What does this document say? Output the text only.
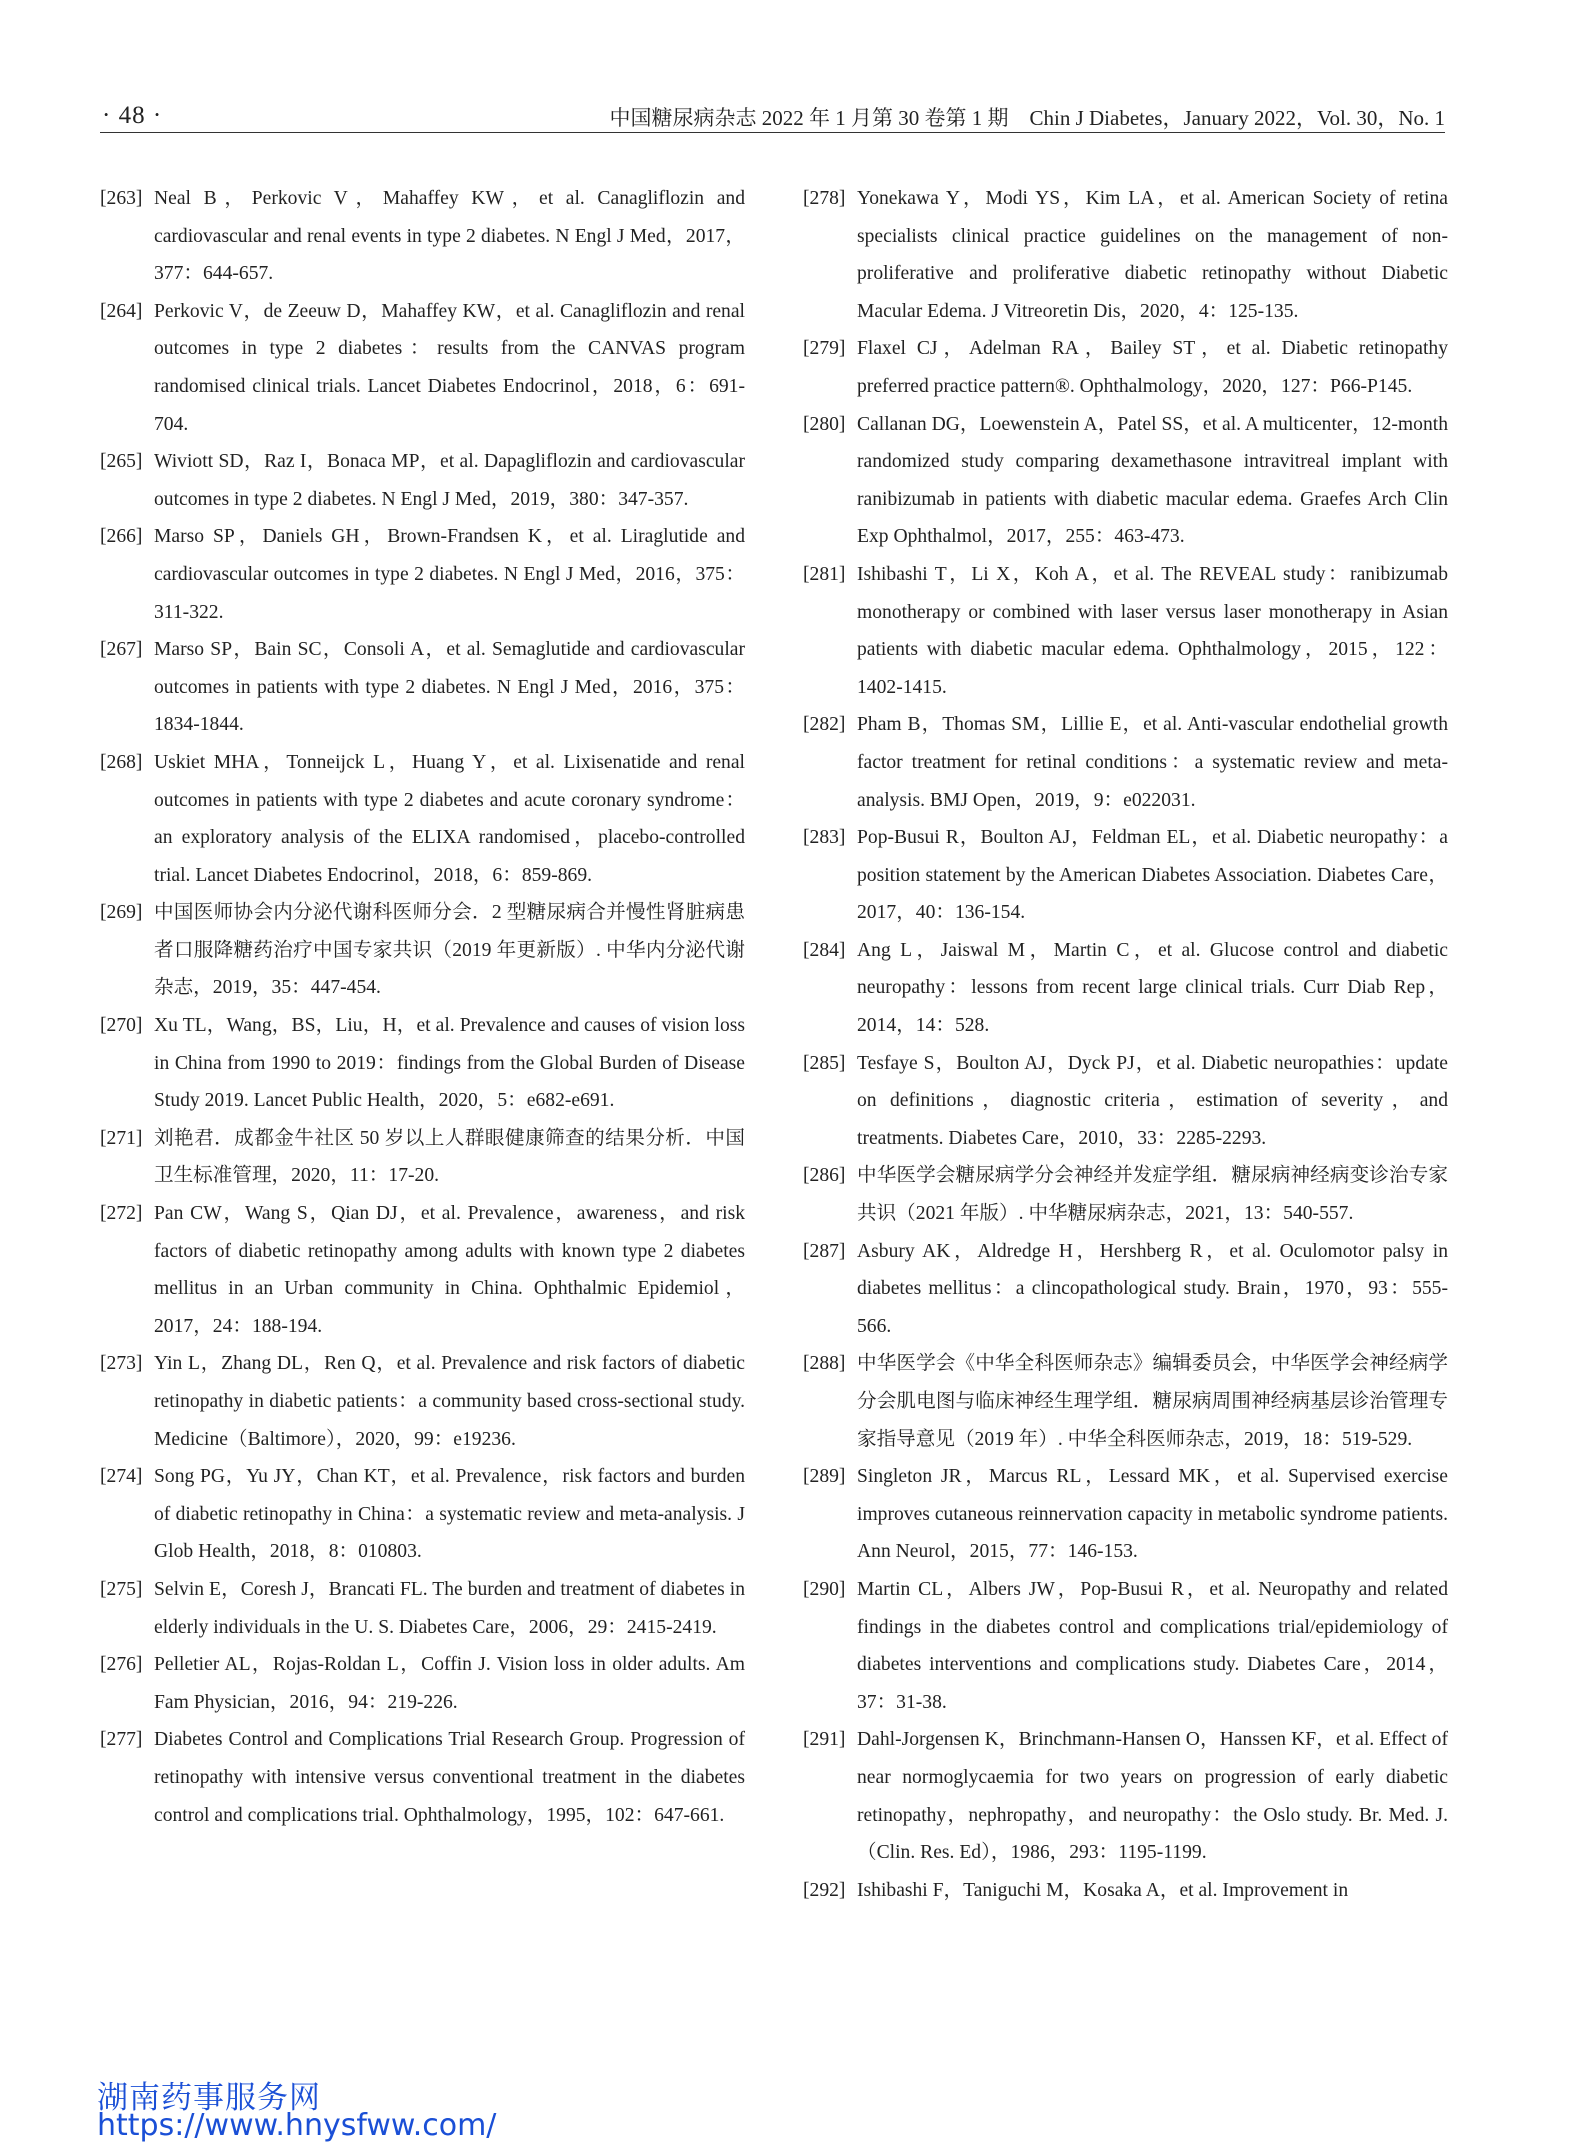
· 48 ·	中国糖尿病杂志 2022 年 1 月第 30 卷第 1 期　Chin J Diabetes，January 2022，Vol. 30，No. 1
[263] Neal B，Perkovic V，Mahaffey KW，et al. Canagliflozin and cardiovascular and renal events in type 2 diabetes. N Engl J Med，2017，377：644-657.
[264] Perkovic V，de Zeeuw D，Mahaffey KW，et al. Canagliflozin and renal outcomes in type 2 diabetes：results from the CANVAS program randomised clinical trials. Lancet Diabetes Endocrinol，2018，6：691-704.
[265] Wiviott SD，Raz I，Bonaca MP，et al. Dapagliflozin and cardiovascular outcomes in type 2 diabetes. N Engl J Med，2019，380：347-357.
[266] Marso SP，Daniels GH，Brown-Frandsen K，et al. Liraglutide and cardiovascular outcomes in type 2 diabetes. N Engl J Med，2016，375：311-322.
[267] Marso SP，Bain SC，Consoli A，et al. Semaglutide and cardiovascular outcomes in patients with type 2 diabetes. N Engl J Med，2016，375：1834-1844.
[268] Uskiet MHA，Tonneijck L，Huang Y，et al. Lixisenatide and renal outcomes in patients with type 2 diabetes and acute coronary syndrome：an exploratory analysis of the ELIXA randomised，placebo-controlled trial. Lancet Diabetes Endocrinol，2018，6：859-869.
[269] 中国医师协会内分泌代谢科医师分会．2 型糖尿病合并慢性肾脏病患者口服降糖药治疗中国专家共识（2019 年更新版）. 中华内分泌代谢杂志，2019，35：447-454.
[270] Xu TL，Wang，BS，Liu，H，et al. Prevalence and causes of vision loss in China from 1990 to 2019：findings from the Global Burden of Disease Study 2019. Lancet Public Health，2020，5：e682-e691.
[271] 刘艳君．成都金牛社区 50 岁以上人群眼健康筛查的结果分析．中国卫生标准管理，2020，11：17-20.
[272] Pan CW，Wang S，Qian DJ，et al. Prevalence，awareness，and risk factors of diabetic retinopathy among adults with known type 2 diabetes mellitus in an Urban community in China. Ophthalmic Epidemiol，2017，24：188-194.
[273] Yin L，Zhang DL，Ren Q，et al. Prevalence and risk factors of diabetic retinopathy in diabetic patients：a community based cross-sectional study. Medicine（Baltimore），2020，99：e19236.
[274] Song PG，Yu JY，Chan KT，et al. Prevalence，risk factors and burden of diabetic retinopathy in China：a systematic review and meta-analysis. J Glob Health，2018，8：010803.
[275] Selvin E，Coresh J，Brancati FL. The burden and treatment of diabetes in elderly individuals in the U. S. Diabetes Care，2006，29：2415-2419.
[276] Pelletier AL，Rojas-Roldan L，Coffin J. Vision loss in older adults. Am Fam Physician，2016，94：219-226.
[277] Diabetes Control and Complications Trial Research Group. Progression of retinopathy with intensive versus conventional treatment in the diabetes control and complications trial. Ophthalmology，1995，102：647-661.
[278] Yonekawa Y，Modi YS，Kim LA，et al. American Society of retina specialists clinical practice guidelines on the management of non-proliferative and proliferative diabetic retinopathy without Diabetic Macular Edema. J Vitreoretin Dis，2020，4：125-135.
[279] Flaxel CJ，Adelman RA，Bailey ST，et al. Diabetic retinopathy preferred practice pattern®. Ophthalmology，2020，127：P66-P145.
[280] Callanan DG，Loewenstein A，Patel SS，et al. A multicenter，12-month randomized study comparing dexamethasone intravitreal implant with ranibizumab in patients with diabetic macular edema. Graefes Arch Clin Exp Ophthalmol，2017，255：463-473.
[281] Ishibashi T，Li X，Koh A，et al. The REVEAL study：ranibizumab monotherapy or combined with laser versus laser monotherapy in Asian patients with diabetic macular edema. Ophthalmology，2015，122：1402-1415.
[282] Pham B，Thomas SM，Lillie E，et al. Anti-vascular endothelial growth factor treatment for retinal conditions：a systematic review and meta-analysis. BMJ Open，2019，9：e022031.
[283] Pop-Busui R，Boulton AJ，Feldman EL，et al. Diabetic neuropathy：a position statement by the American Diabetes Association. Diabetes Care，2017，40：136-154.
[284] Ang L，Jaiswal M，Martin C，et al. Glucose control and diabetic neuropathy：lessons from recent large clinical trials. Curr Diab Rep，2014，14：528.
[285] Tesfaye S，Boulton AJ，Dyck PJ，et al. Diabetic neuropathies：update on definitions，diagnostic criteria，estimation of severity，and treatments. Diabetes Care，2010，33：2285-2293.
[286] 中华医学会糖尿病学分会神经并发症学组．糖尿病神经病变诊治专家共识（2021 年版）. 中华糖尿病杂志，2021，13：540-557.
[287] Asbury AK，Aldredge H，Hershberg R，et al. Oculomotor palsy in diabetes mellitus：a clincopathological study. Brain，1970，93：555-566.
[288] 中华医学会《中华全科医师杂志》编辑委员会，中华医学会神经病学分会肌电图与临床神经生理学组．糖尿病周围神经病基层诊治管理专家指导意见（2019 年）. 中华全科医师杂志，2019，18：519-529.
[289] Singleton JR，Marcus RL，Lessard MK，et al. Supervised exercise improves cutaneous reinnervation capacity in metabolic syndrome patients. Ann Neurol，2015，77：146-153.
[290] Martin CL，Albers JW，Pop-Busui R，et al. Neuropathy and related findings in the diabetes control and complications trial/epidemiology of diabetes interventions and complications study. Diabetes Care，2014，37：31-38.
[291] Dahl-Jorgensen K，Brinchmann-Hansen O，Hanssen KF，et al. Effect of near normoglycaemia for two years on progression of early diabetic retinopathy，nephropathy，and neuropathy：the Oslo study. Br. Med. J.（Clin. Res. Ed），1986，293：1195-1199.
[292] Ishibashi F，Taniguchi M，Kosaka A，et al. Improvement in
湖南药事服务网
https://www.hnysfww.com/
